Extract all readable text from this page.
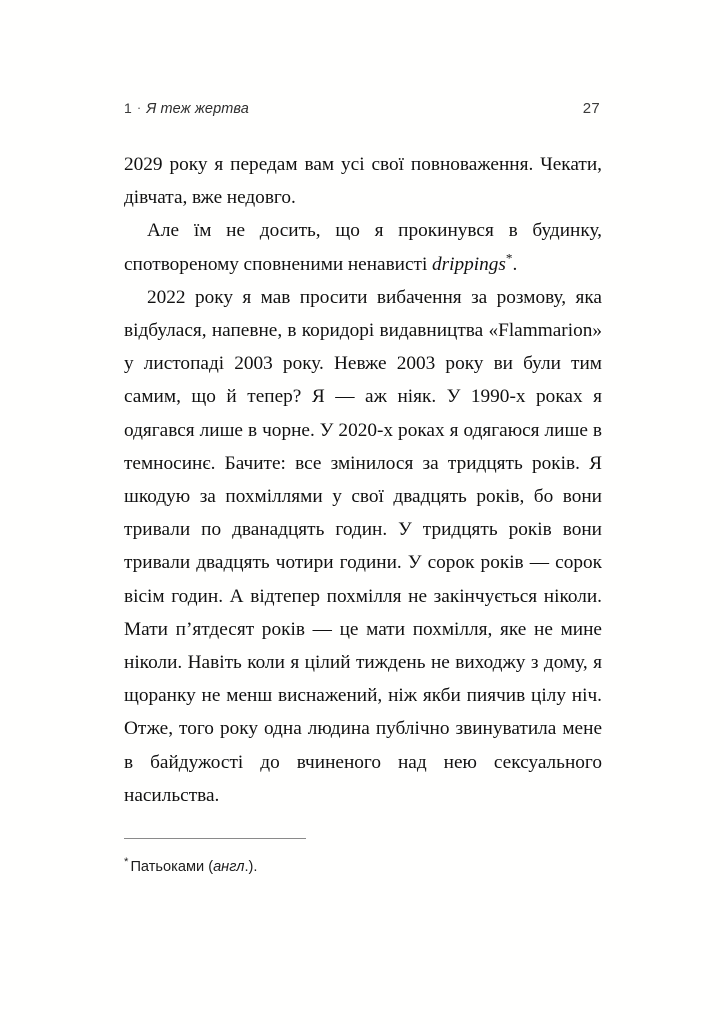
1 · Я теж жертва	27

2029 року я передам вам усі свої повноваження. Чекати, дівчата, вже недовго.

Але їм не досить, що я прокинувся в будинку, спотвореному сповненими ненависті drippings*.

2022 року я мав просити вибачення за розмову, яка відбулася, напевне, в коридорі видавництва «Flammarion» у листопаді 2003 року. Невже 2003 року ви були тим самим, що й тепер? Я — аж ніяк. У 1990-х роках я одягався лише в чорне. У 2020-х роках я одягаюся лише в темноcинє. Бачите: все змінилося за тридцять років. Я шкодую за похміллями у свої двадцять років, бо вони тривали по дванадцять годин. У тридцять років вони тривали двадцять чотири години. У сорок років — сорок вісім годин. А відтепер похмілля не закінчується ніколи. Мати п’ятдесят років — це мати похмілля, яке не мине ніколи. Навіть коли я цілий тиждень не виходжу з дому, я щоранку не менш виснажений, ніж якби пиячив цілу ніч. Отже, того року одна людина публічно звинуватила мене в байдужості до вчиненого над нею сексуального насильства.

* Патьоками (англ.).
